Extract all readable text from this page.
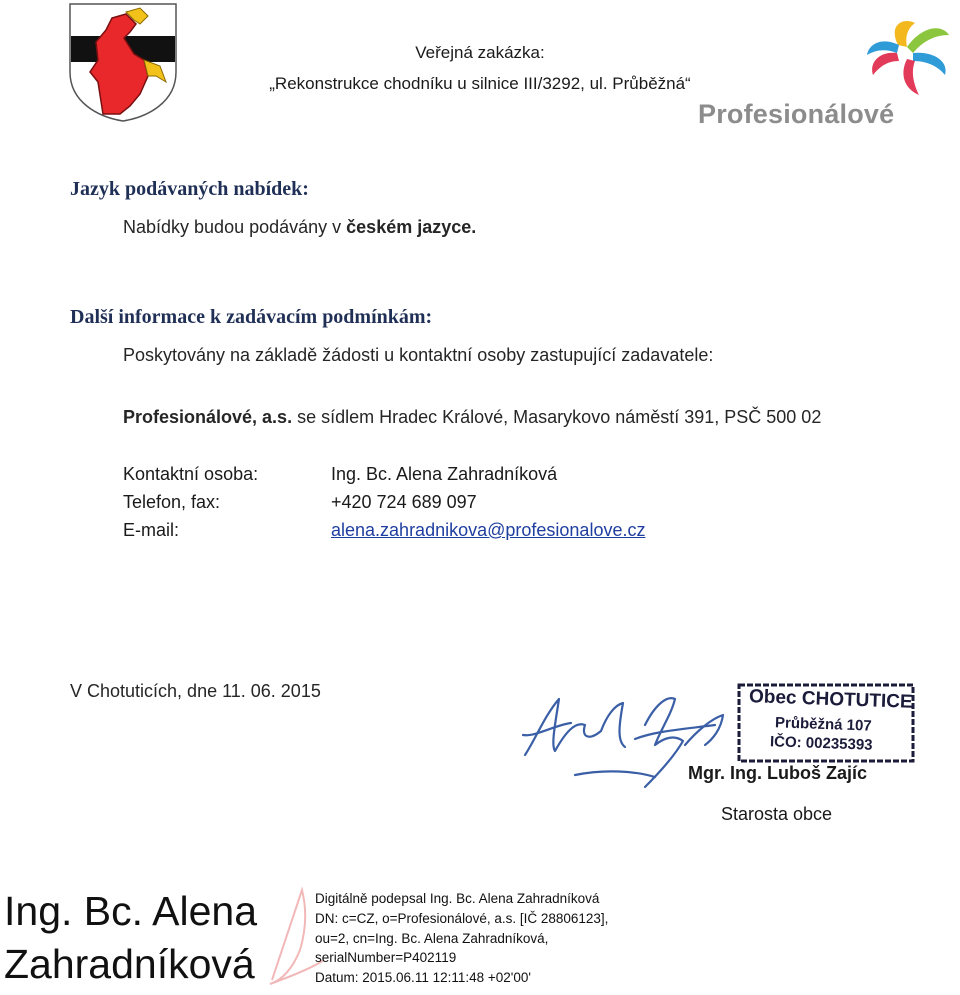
Veřejná zakázka:
„Rekonstrukce chodníku u silnice III/3292, ul. Průběžná“
Profesionálové
Jazyk podávaných nabídek:
Nabídky budou podávány v českém jazyce.
Další informace k zadávacím podmínkám:
Poskytovány na základě žádosti u kontaktní osoby zastupující zadavatele:
Profesionálové, a.s. se sídlem Hradec Králové, Masarykovo náměstí 391, PSČ 500 02
Kontaktní osoba:	Ing. Bc. Alena Zahradníková
Telefon, fax:	+420 724 689 097
E-mail:	alena.zahradnikova@profesionalove.cz
V Chotuticích, dne 11. 06. 2015	Obec CHOTUTICE
Průběžná 107
IČO: 00235393
Mgr. Ing. Luboš Zajíc
Starosta obce
Ing. Bc. Alena
Zahradníková
Digitálně podepsal Ing. Bc. Alena Zahradníková
DN: c=CZ, o=Profesionálové, a.s. [IČ 28806123],
ou=2, cn=Ing. Bc. Alena Zahradníková,
serialNumber=P402119
Datum: 2015.06.11 12:11:48 +02'00'
